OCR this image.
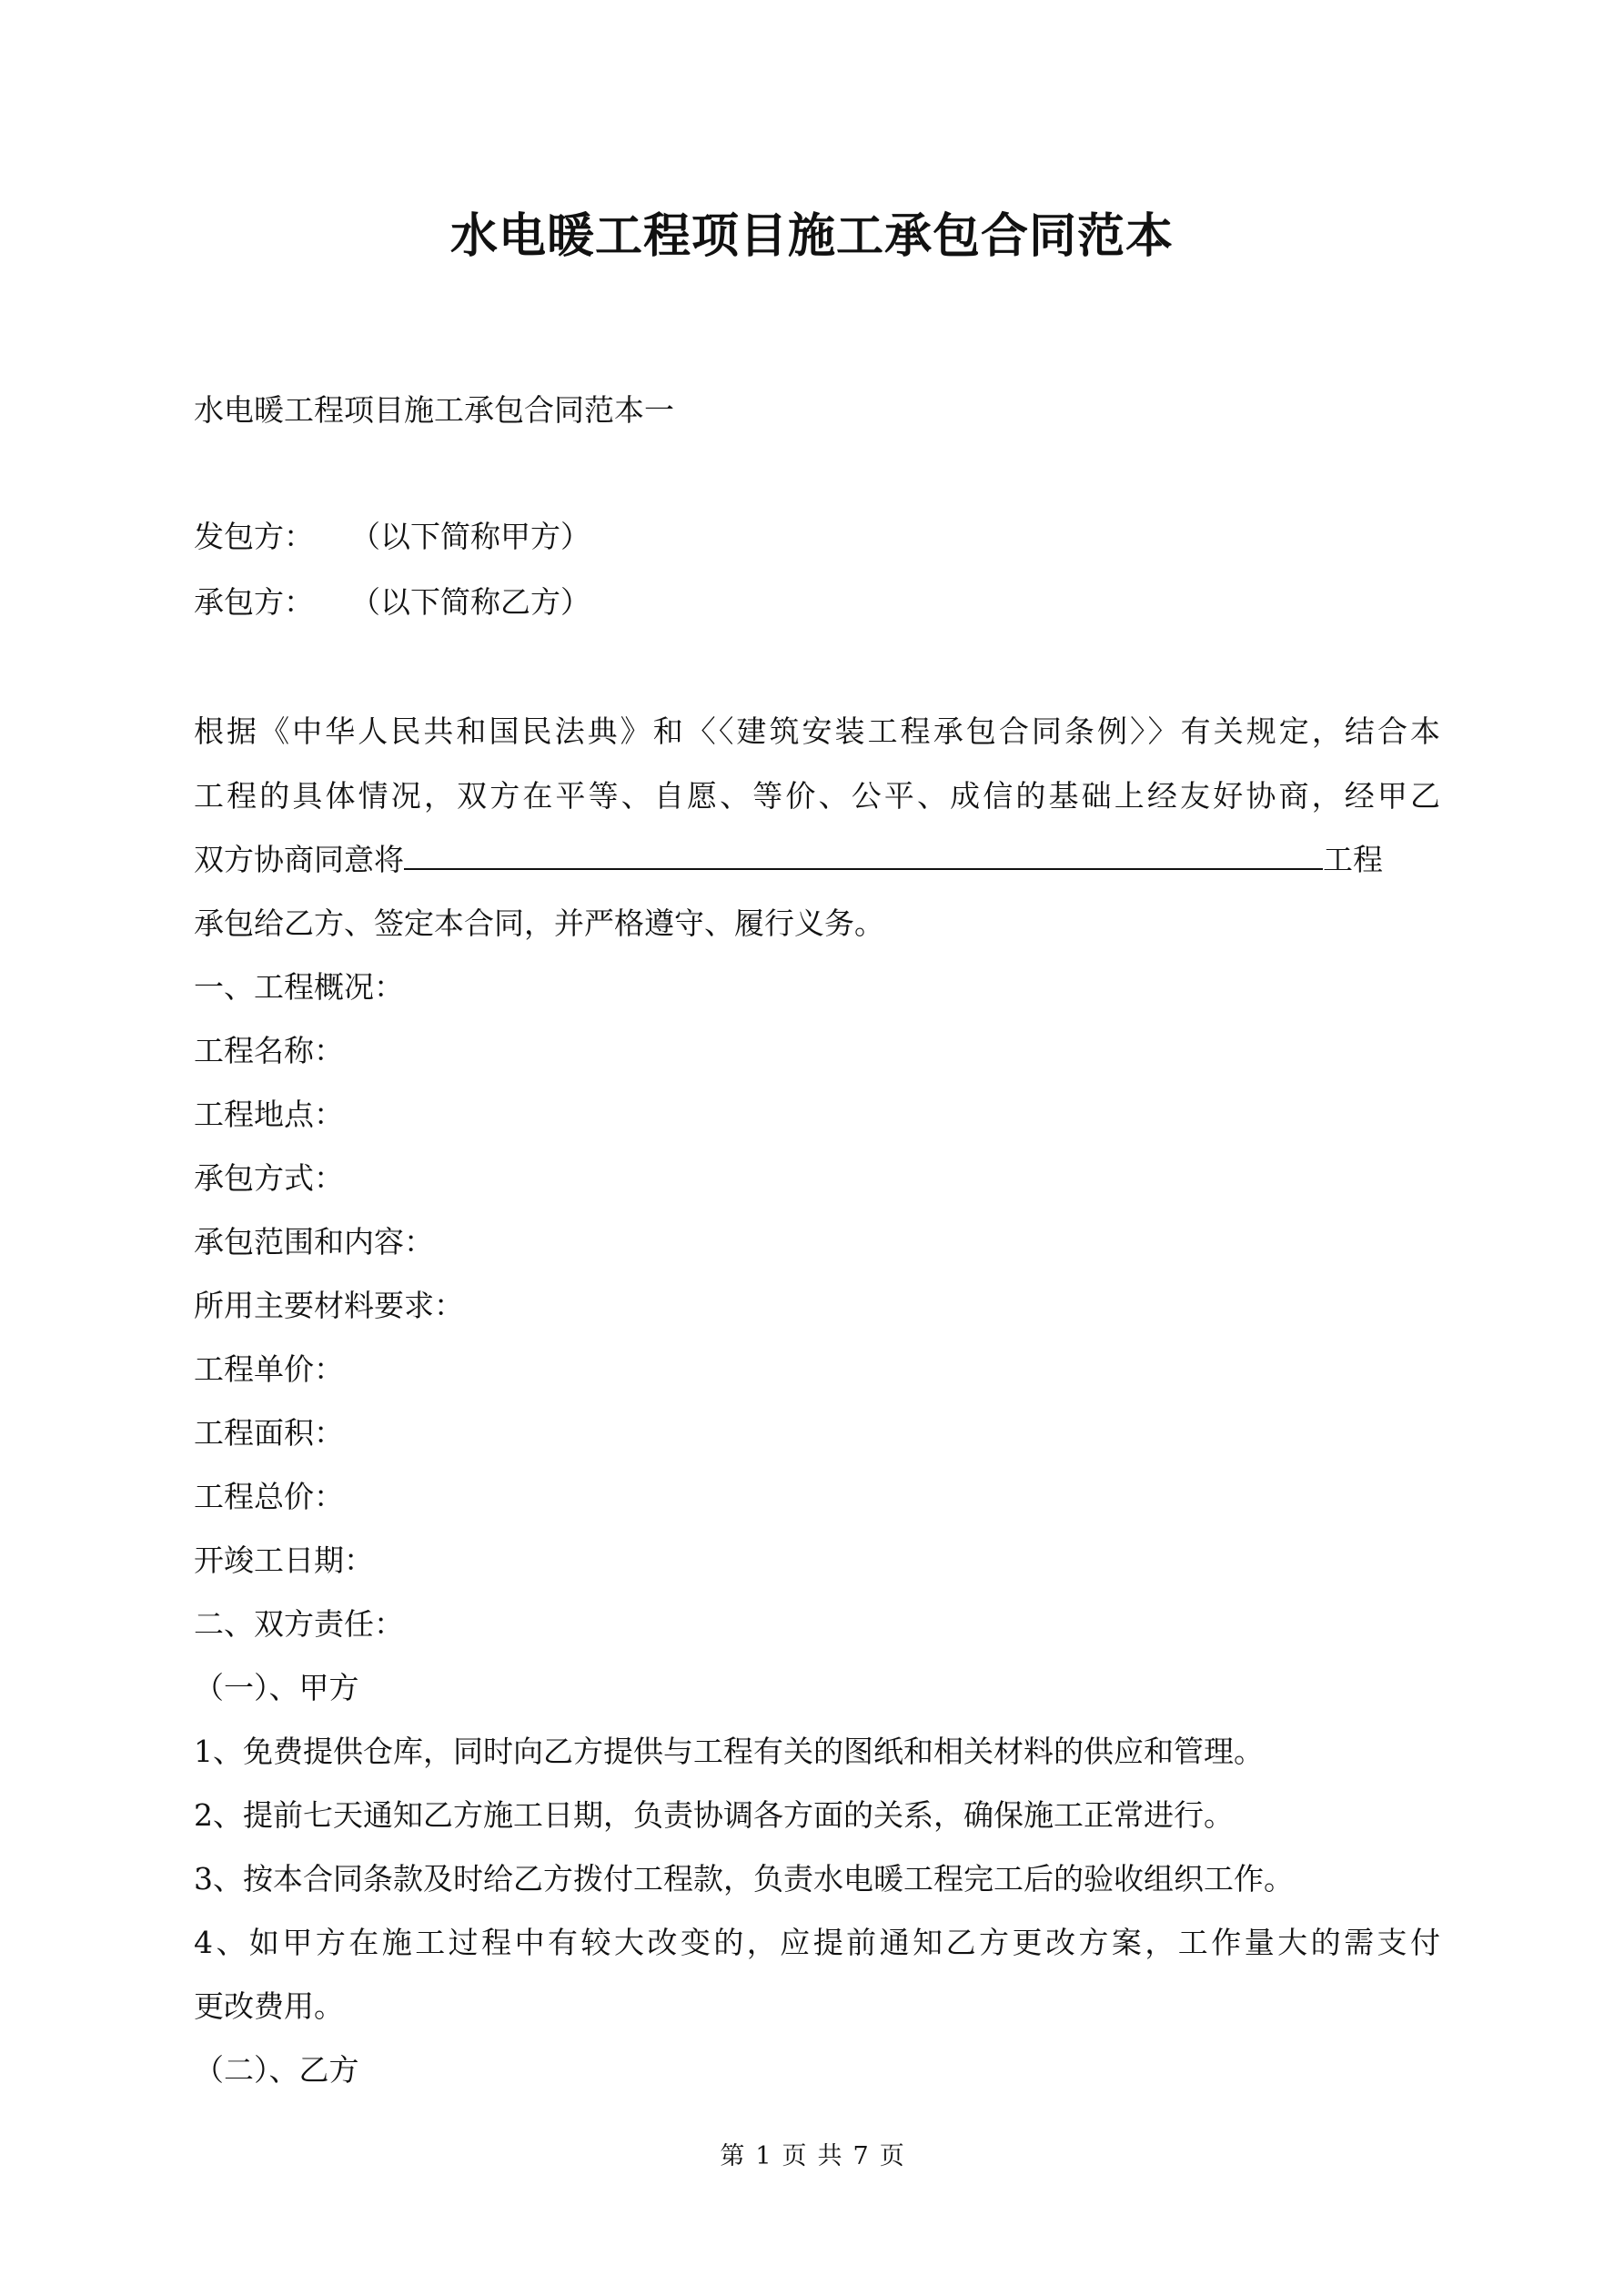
水电暖工程项目施工承包合同范本
水电暖工程项目施工承包合同范本一
发包方： （以下简称甲方）
承包方： （以下简称乙方）
根据《中华人民共和国民法典》和〈〈建筑安装工程承包合同条例〉〉有关规定，结合本
工程的具体情况，双方在平等、自愿、等价、公平、成信的基础上经友好协商，经甲乙
双方协商同意将	工程
承包给乙方、签定本合同，并严格遵守、履行义务。
一、工程概况：
工程名称：
工程地点：
承包方式：
承包范围和内容：
所用主要材料要求：
工程单价：
工程面积：
工程总价：
开竣工日期：
二、双方责任：
（一）、甲方
1、免费提供仓库，同时向乙方提供与工程有关的图纸和相关材料的供应和管理。
2、提前七天通知乙方施工日期，负责协调各方面的关系，确保施工正常进行。
3、按本合同条款及时给乙方拨付工程款，负责水电暖工程完工后的验收组织工作。
4、如甲方在施工过程中有较大改变的，应提前通知乙方更改方案，工作量大的需支付
更改费用。
（二）、乙方
第 1 页 共 7 页
